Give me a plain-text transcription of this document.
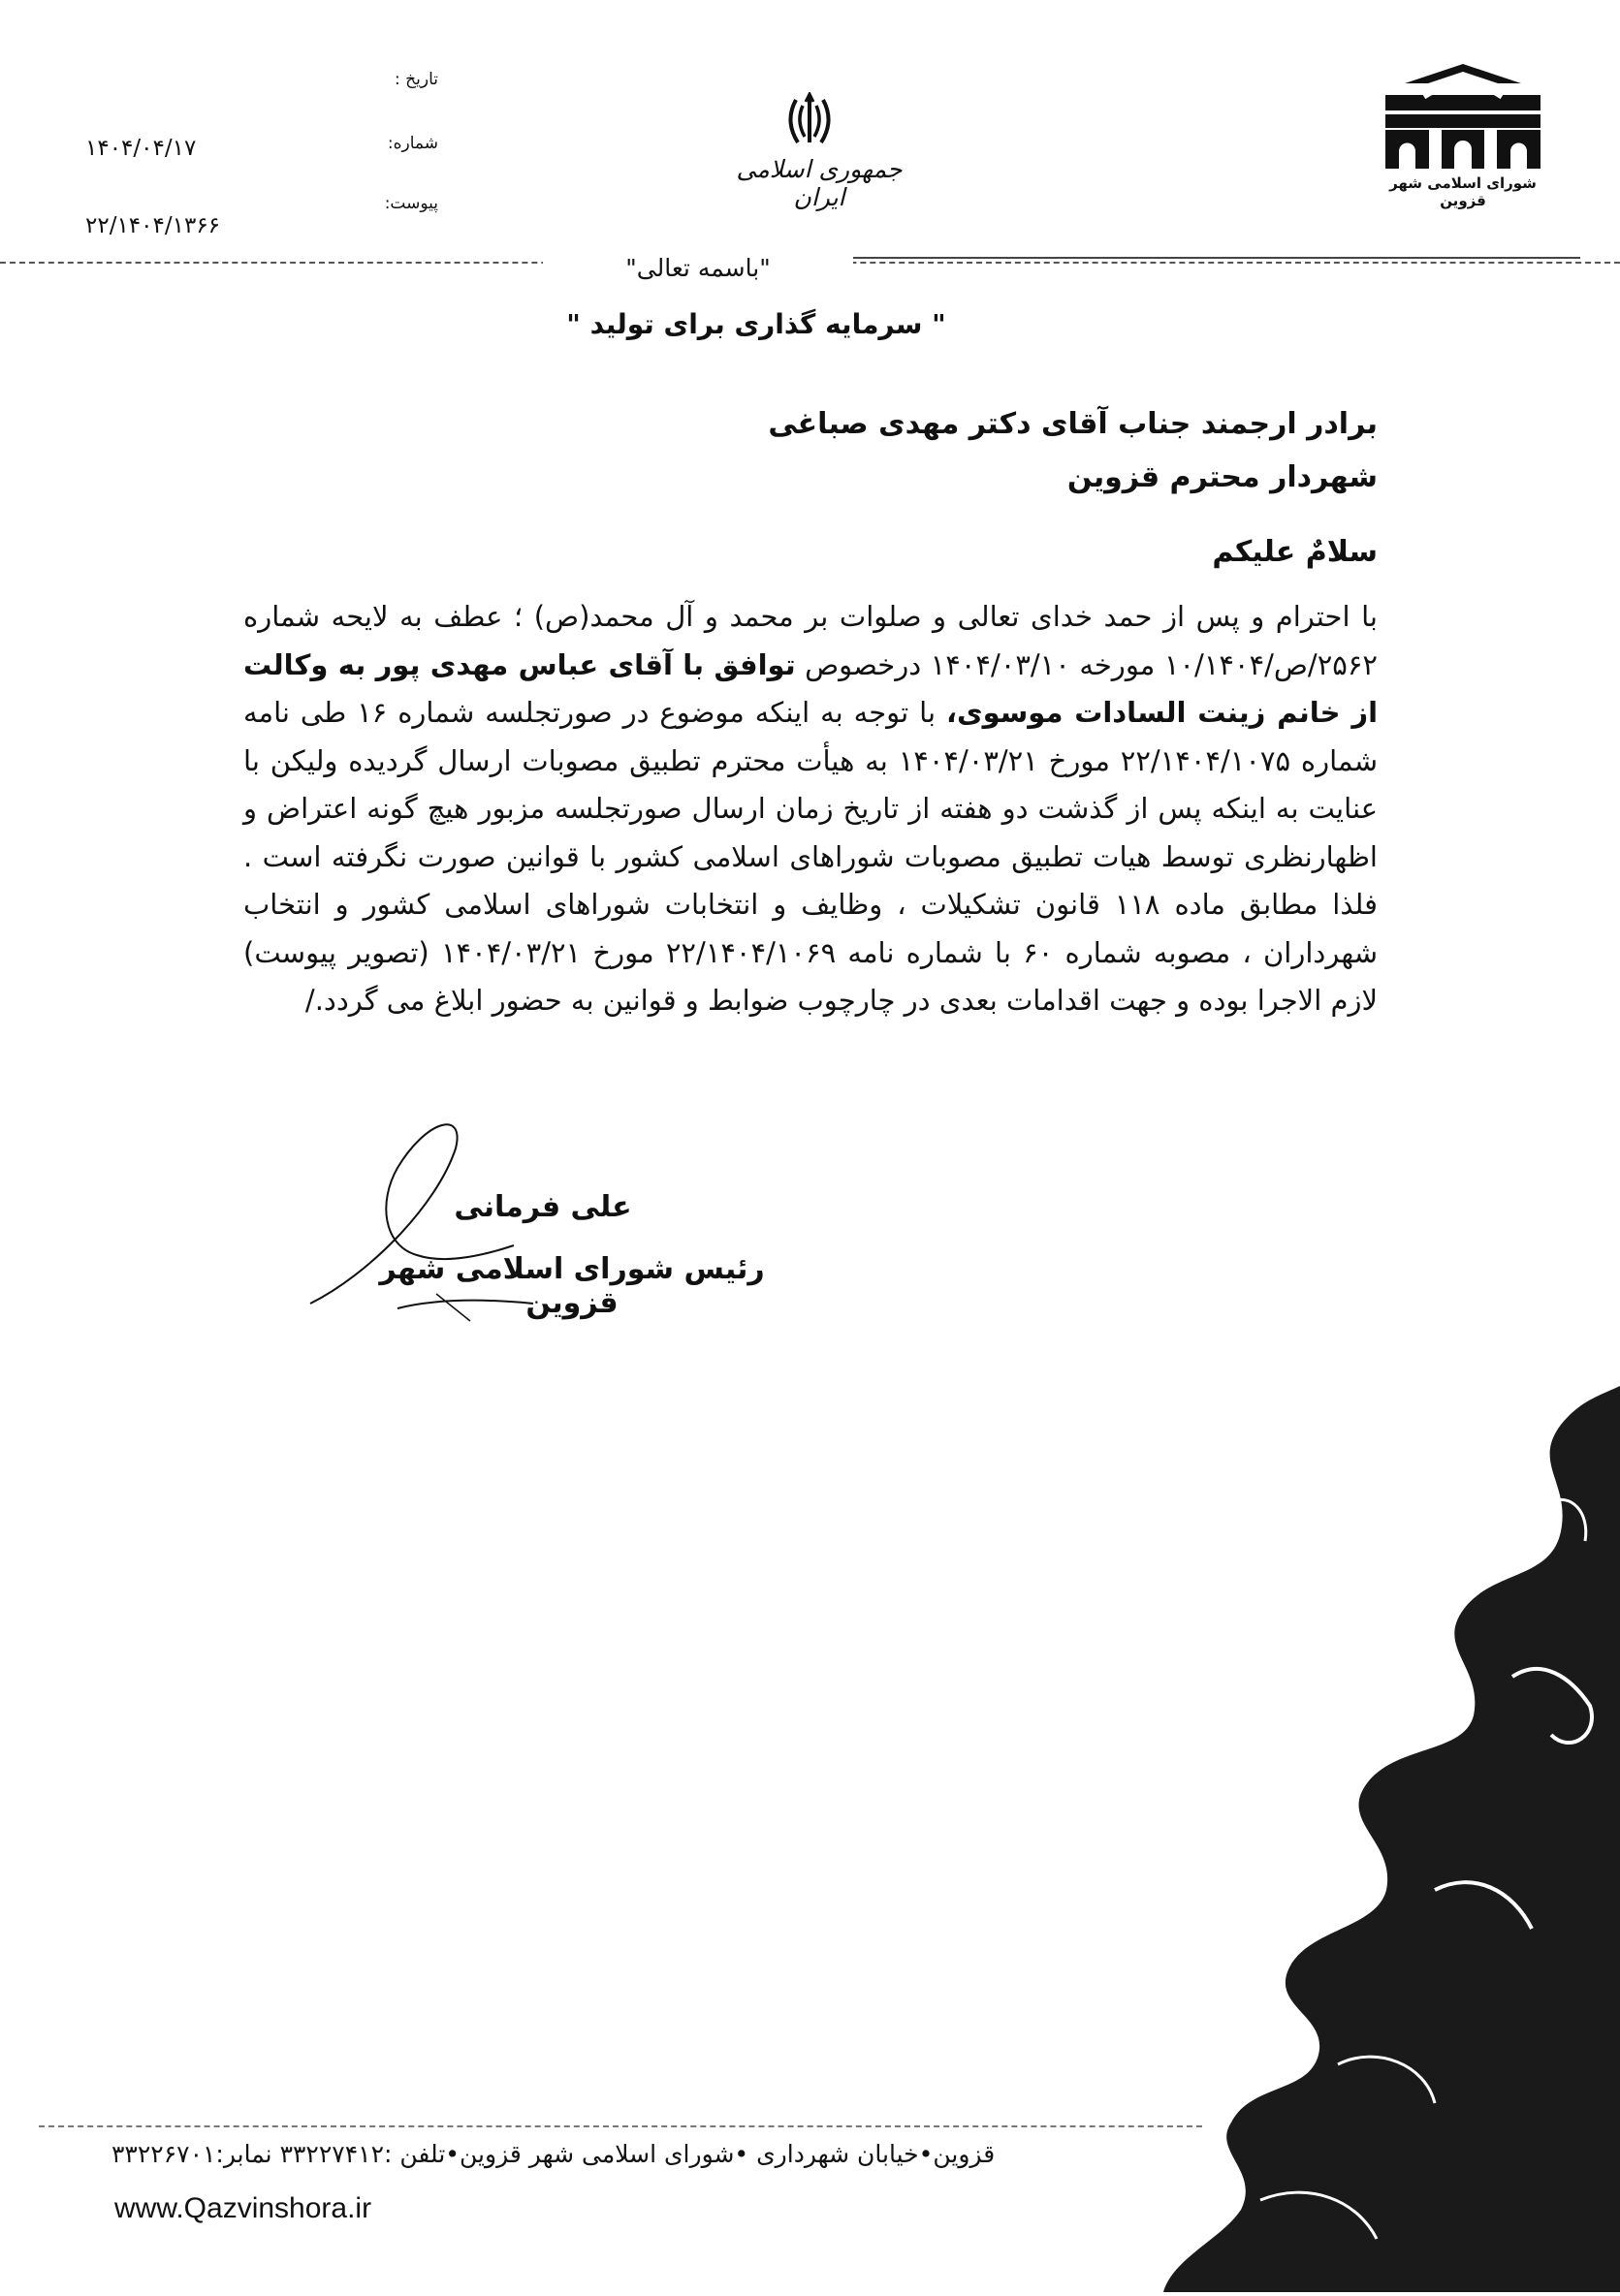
شورای اسلامی شهر قزوین
جمهوری اسلامی ایران
تاریخ :
شماره:
پیوست:
۱۴۰۴/۰۴/۱۷
۲۲/۱۴۰۴/۱۳۶۶
"باسمه تعالی"
" سرمایه گذاری برای تولید "
برادر ارجمند جناب آقای دکتر مهدی صباغی
شهردار محترم قزوین
سلامٌ علیکم
با احترام و پس از حمد خدای تعالی و صلوات بر محمد و آل محمد(ص) ؛ عطف به لایحه شماره ۲۵۶۲/ص/۱۰/۱۴۰۴ مورخه ۱۴۰۴/۰۳/۱۰ درخصوص توافق با آقای عباس مهدی پور به وکالت از خانم زینت السادات موسوی، با توجه به اینکه موضوع در صورتجلسه شماره ۱۶ طی نامه شماره ۲۲/۱۴۰۴/۱۰۷۵ مورخ ۱۴۰۴/۰۳/۲۱ به هیأت محترم تطبیق مصوبات ارسال گردیده ولیکن با عنایت به اینکه پس از گذشت دو هفته از تاریخ زمان ارسال صورتجلسه مزبور هیچ گونه اعتراض و اظهارنظری توسط هیات تطبیق مصوبات شوراهای اسلامی کشور با قوانین صورت نگرفته است . فلذا مطابق ماده ۱۱۸ قانون تشکیلات ، وظایف و انتخابات شوراهای اسلامی کشور و انتخاب شهرداران ، مصوبه شماره ۶۰ با شماره نامه ۲۲/۱۴۰۴/۱۰۶۹ مورخ ۱۴۰۴/۰۳/۲۱ (تصویر پیوست) لازم الاجرا بوده و جهت اقدامات بعدی در چارچوب ضوابط و قوانین به حضور ابلاغ می گردد./
علی فرمانی
رئیس شورای اسلامی شهر قزوین
قزوین•خیابان شهرداری •شورای اسلامی شهر قزوین•تلفن :۳۳۲۲۷۴۱۲ نمابر:۳۳۲۲۶۷۰۱
www.Qazvinshora.ir
